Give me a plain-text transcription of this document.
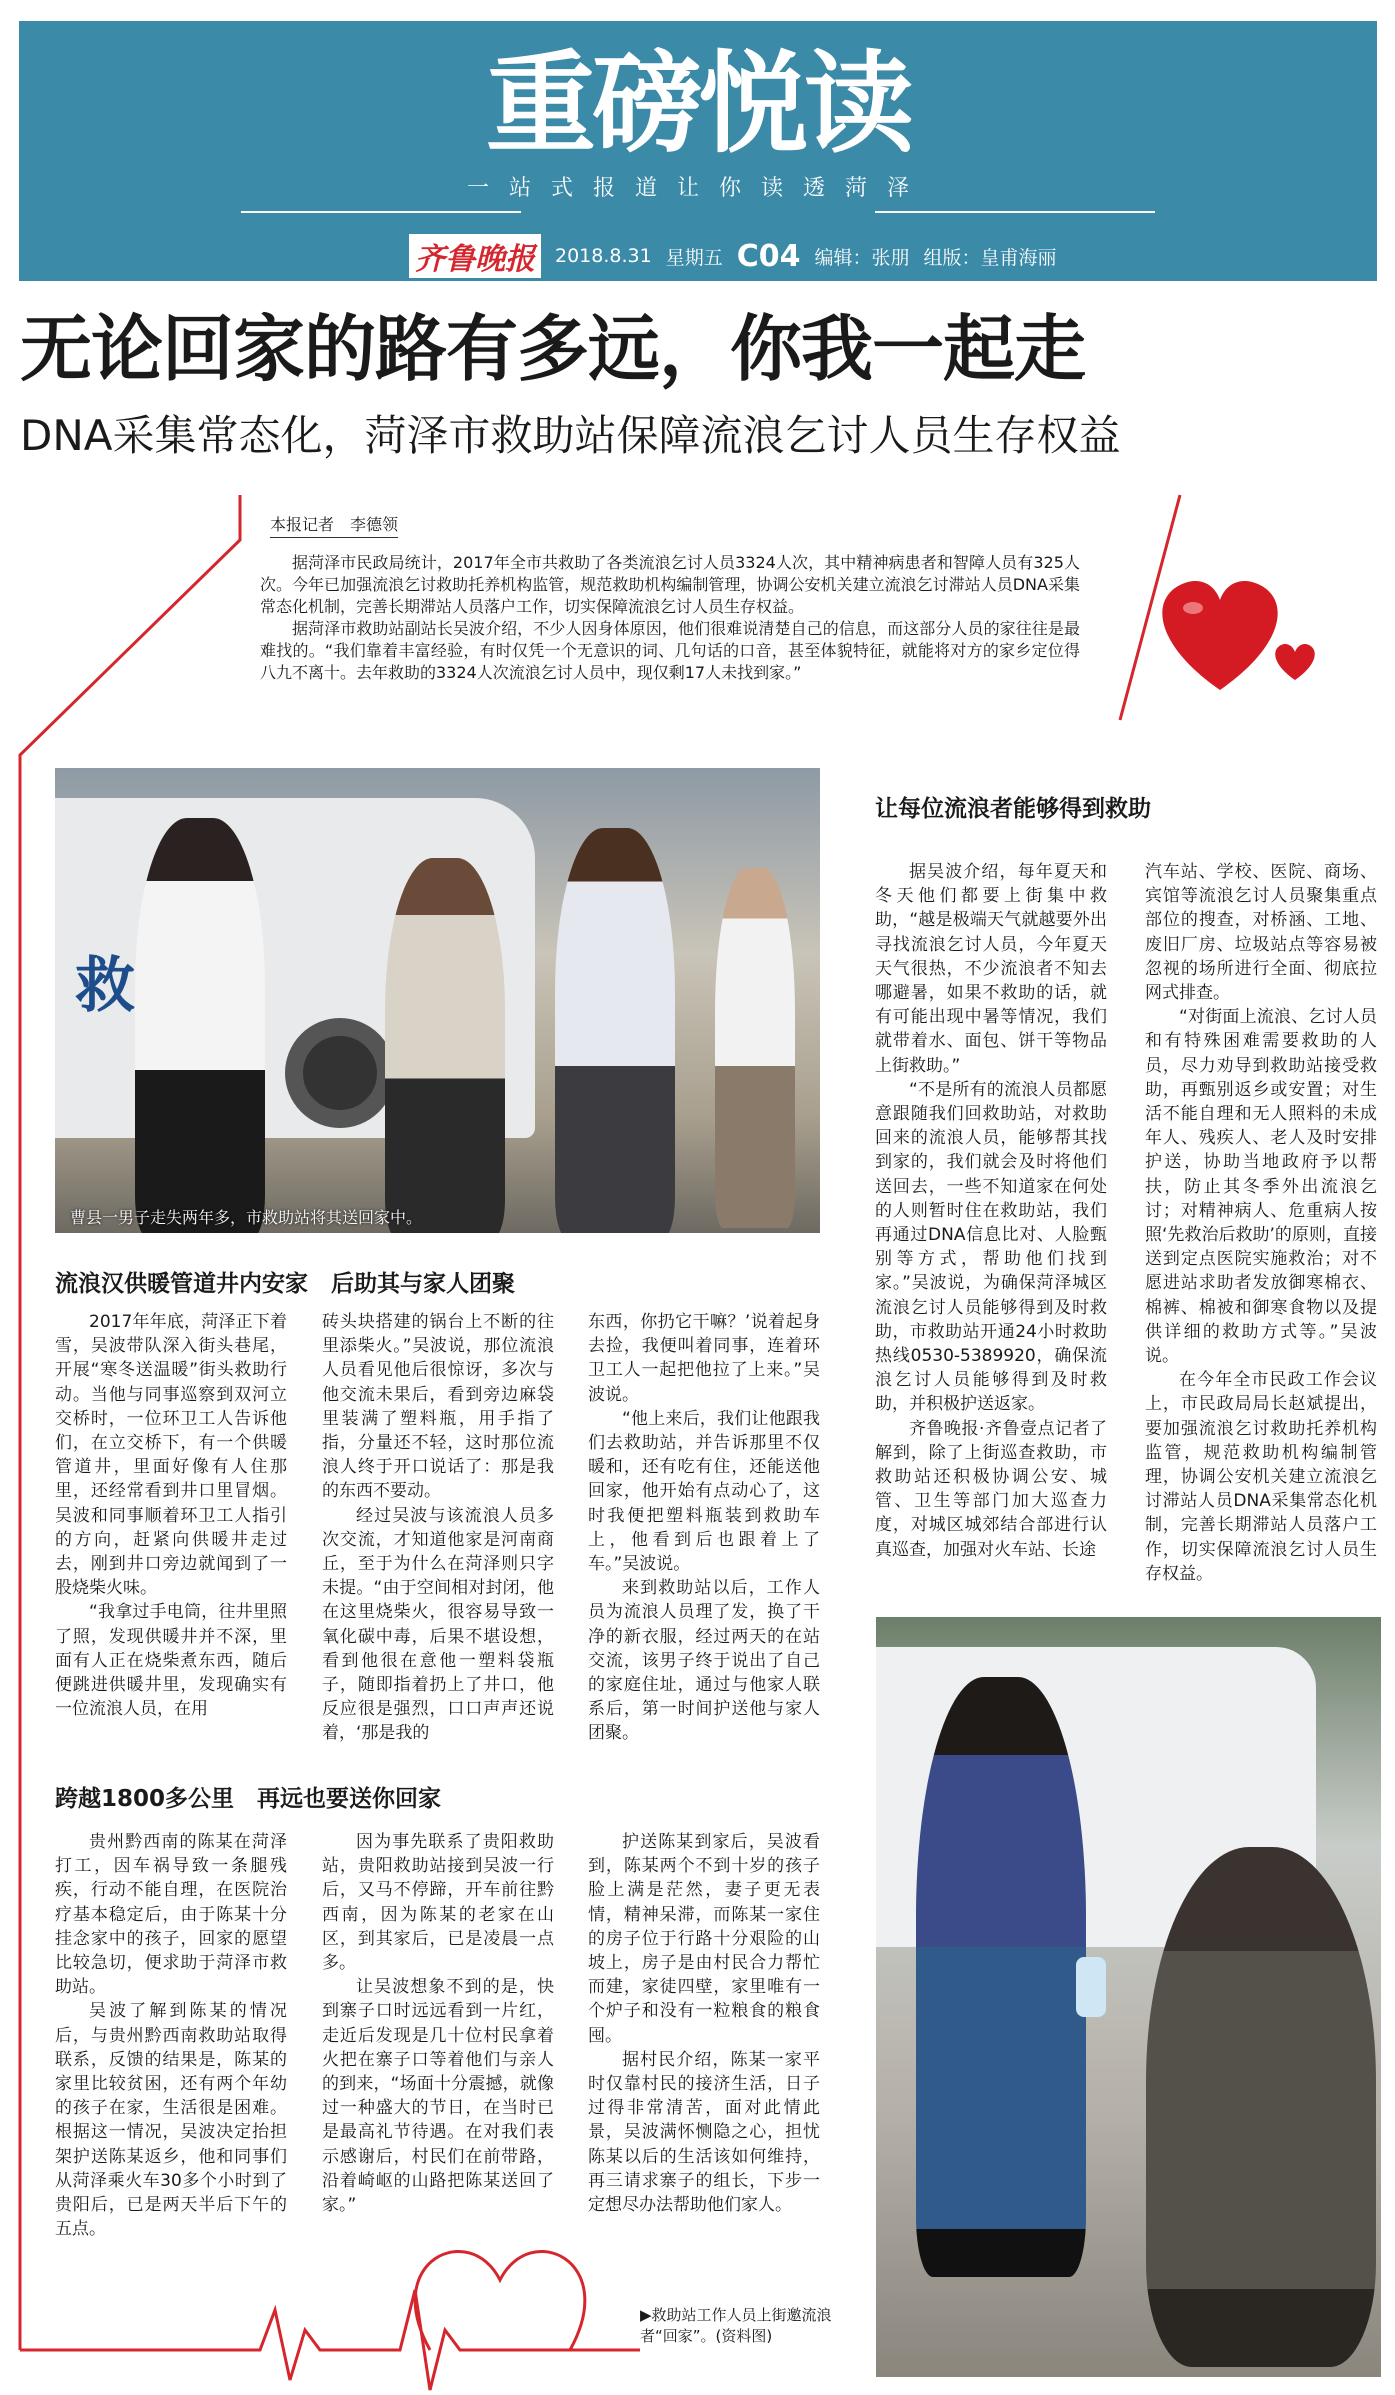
重磅悦读
一站式报道让你读透菏泽
齐鲁晚报	2018.8.31 星期五 C04 编辑：张朋 组版：皇甫海丽
无论回家的路有多远，你我一起走
DNA采集常态化，菏泽市救助站保障流浪乞讨人员生存权益
本报记者　李德领

据菏泽市民政局统计，2017年全市共救助了各类流浪乞讨人员3324人次，其中精神病患者和智障人员有325人次。今年已加强流浪乞讨救助托养机构监管，规范救助机构编制管理，协调公安机关建立流浪乞讨滞站人员DNA采集常态化机制，完善长期滞站人员落户工作，切实保障流浪乞讨人员生存权益。

据菏泽市救助站副站长吴波介绍，不少人因身体原因，他们很难说清楚自己的信息，而这部分人员的家往往是最难找的。“我们靠着丰富经验，有时仅凭一个无意识的词、几句话的口音，甚至体貌特征，就能将对方的家乡定位得八九不离十。去年救助的3324人次流浪乞讨人员中，现仅剩17人未找到家。”

救
曹县一男子走失两年多，市救助站将其送回家中。
流浪汉供暖管道井内安家　后助其与家人团聚

2017年年底，菏泽正下着雪，吴波带队深入街头巷尾，开展“寒冬送温暖”街头救助行动。当他与同事巡察到双河立交桥时，一位环卫工人告诉他们，在立交桥下，有一个供暖管道井，里面好像有人住那里，还经常看到井口里冒烟。吴波和同事顺着环卫工人指引的方向，赶紧向供暖井走过去，刚到井口旁边就闻到了一股烧柴火味。

“我拿过手电筒，往井里照了照，发现供暖井并不深，里面有人正在烧柴煮东西，随后便跳进供暖井里，发现确实有一位流浪人员，在用

砖头块搭建的锅台上不断的往里添柴火。”吴波说，那位流浪人员看见他后很惊讶，多次与他交流未果后，看到旁边麻袋里装满了塑料瓶，用手指了指，分量还不轻，这时那位流浪人终于开口说话了：那是我的东西不要动。

经过吴波与该流浪人员多次交流，才知道他家是河南商丘，至于为什么在菏泽则只字未提。“由于空间相对封闭，他在这里烧柴火，很容易导致一氧化碳中毒，后果不堪设想，看到他很在意他一塑料袋瓶子，随即指着扔上了井口，他反应很是强烈，口口声声还说着，‘那是我的

东西，你扔它干嘛？’说着起身去捡，我便叫着同事，连着环卫工人一起把他拉了上来。”吴波说。

“他上来后，我们让他跟我们去救助站，并告诉那里不仅暖和，还有吃有住，还能送他回家，他开始有点动心了，这时我便把塑料瓶装到救助车上，他看到后也跟着上了车。”吴波说。

来到救助站以后，工作人员为流浪人员理了发，换了干净的新衣服，经过两天的在站交流，该男子终于说出了自己的家庭住址，通过与他家人联系后，第一时间护送他与家人团聚。

跨越1800多公里　再远也要送你回家

贵州黔西南的陈某在菏泽打工，因车祸导致一条腿残疾，行动不能自理，在医院治疗基本稳定后，由于陈某十分挂念家中的孩子，回家的愿望比较急切，便求助于菏泽市救助站。

吴波了解到陈某的情况后，与贵州黔西南救助站取得联系，反馈的结果是，陈某的家里比较贫困，还有两个年幼的孩子在家，生活很是困难。根据这一情况，吴波决定抬担架护送陈某返乡，他和同事们从菏泽乘火车30多个小时到了贵阳后，已是两天半后下午的五点。

因为事先联系了贵阳救助站，贵阳救助站接到吴波一行后，又马不停蹄，开车前往黔西南，因为陈某的老家在山区，到其家后，已是凌晨一点多。

让吴波想象不到的是，快到寨子口时远远看到一片红，走近后发现是几十位村民拿着火把在寨子口等着他们与亲人的到来，“场面十分震撼，就像过一种盛大的节日，在当时已是最高礼节待遇。在对我们表示感谢后，村民们在前带路，沿着崎岖的山路把陈某送回了家。”

护送陈某到家后，吴波看到，陈某两个不到十岁的孩子脸上满是茫然，妻子更无表情，精神呆滞，而陈某一家住的房子位于行路十分艰险的山坡上，房子是由村民合力帮忙而建，家徒四壁，家里唯有一个炉子和没有一粒粮食的粮食囤。

据村民介绍，陈某一家平时仅靠村民的接济生活，日子过得非常清苦，面对此情此景，吴波满怀恻隐之心，担忧陈某以后的生活该如何维持，再三请求寨子的组长，下步一定想尽办法帮助他们家人。

让每位流浪者能够得到救助

据吴波介绍，每年夏天和冬天他们都要上街集中救助，“越是极端天气就越要外出寻找流浪乞讨人员，今年夏天天气很热，不少流浪者不知去哪避暑，如果不救助的话，就有可能出现中暑等情况，我们就带着水、面包、饼干等物品上街救助。”

“不是所有的流浪人员都愿意跟随我们回救助站，对救助回来的流浪人员，能够帮其找到家的，我们就会及时将他们送回去，一些不知道家在何处的人则暂时住在救助站，我们再通过DNA信息比对、人脸甄别等方式，帮助他们找到家。”吴波说，为确保菏泽城区流浪乞讨人员能够得到及时救助，市救助站开通24小时救助热线0530-5389920，确保流浪乞讨人员能够得到及时救助，并积极护送返家。

齐鲁晚报·齐鲁壹点记者了解到，除了上街巡查救助，市救助站还积极协调公安、城管、卫生等部门加大巡查力度，对城区城郊结合部进行认真巡查，加强对火车站、长途

汽车站、学校、医院、商场、宾馆等流浪乞讨人员聚集重点部位的搜查，对桥涵、工地、废旧厂房、垃圾站点等容易被忽视的场所进行全面、彻底拉网式排查。

“对街面上流浪、乞讨人员和有特殊困难需要救助的人员，尽力劝导到救助站接受救助，再甄别返乡或安置；对生活不能自理和无人照料的未成年人、残疾人、老人及时安排护送，协助当地政府予以帮扶，防止其冬季外出流浪乞讨；对精神病人、危重病人按照‘先救治后救助’的原则，直接送到定点医院实施救治；对不愿进站求助者发放御寒棉衣、棉裤、棉被和御寒食物以及提供详细的救助方式等。”吴波说。

在今年全市民政工作会议上，市民政局局长赵斌提出，要加强流浪乞讨救助托养机构监管，规范救助机构编制管理，协调公安机关建立流浪乞讨滞站人员DNA采集常态化机制，完善长期滞站人员落户工作，切实保障流浪乞讨人员生存权益。

▶救助站工作人员上街邀流浪者“回家”。(资料图)
